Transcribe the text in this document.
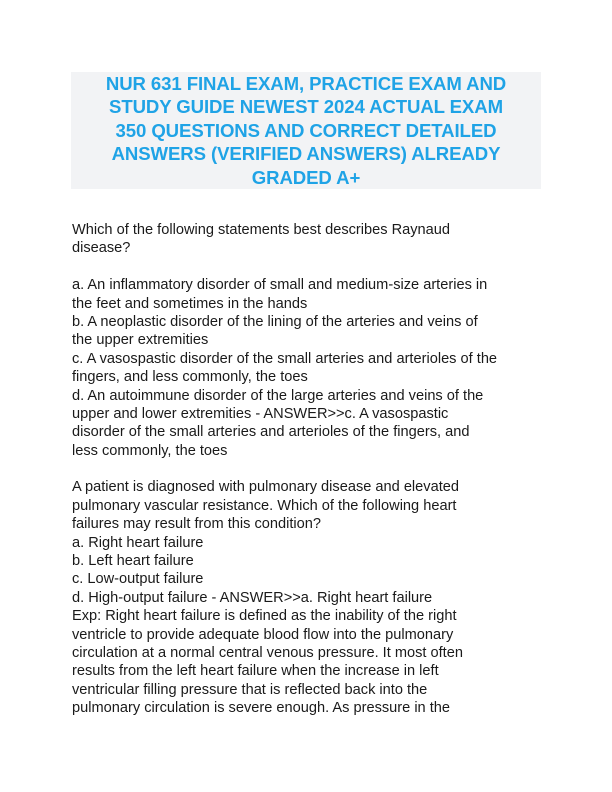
NUR 631 FINAL EXAM, PRACTICE EXAM AND
STUDY GUIDE NEWEST 2024 ACTUAL EXAM
350 QUESTIONS AND CORRECT DETAILED
ANSWERS (VERIFIED ANSWERS) ALREADY
GRADED A+
Which of the following statements best describes Raynaud
disease?
a. An inflammatory disorder of small and medium-size arteries in
the feet and sometimes in the hands
b. A neoplastic disorder of the lining of the arteries and veins of
the upper extremities
c. A vasospastic disorder of the small arteries and arterioles of the
fingers, and less commonly, the toes
d. An autoimmune disorder of the large arteries and veins of the
upper and lower extremities - ANSWER>>c. A vasospastic
disorder of the small arteries and arterioles of the fingers, and
less commonly, the toes
A patient is diagnosed with pulmonary disease and elevated
pulmonary vascular resistance. Which of the following heart
failures may result from this condition?
a. Right heart failure
b. Left heart failure
c. Low-output failure
d. High-output failure - ANSWER>>a. Right heart failure
Exp: Right heart failure is defined as the inability of the right
ventricle to provide adequate blood flow into the pulmonary
circulation at a normal central venous pressure. It most often
results from the left heart failure when the increase in left
ventricular filling pressure that is reflected back into the
pulmonary circulation is severe enough. As pressure in the
